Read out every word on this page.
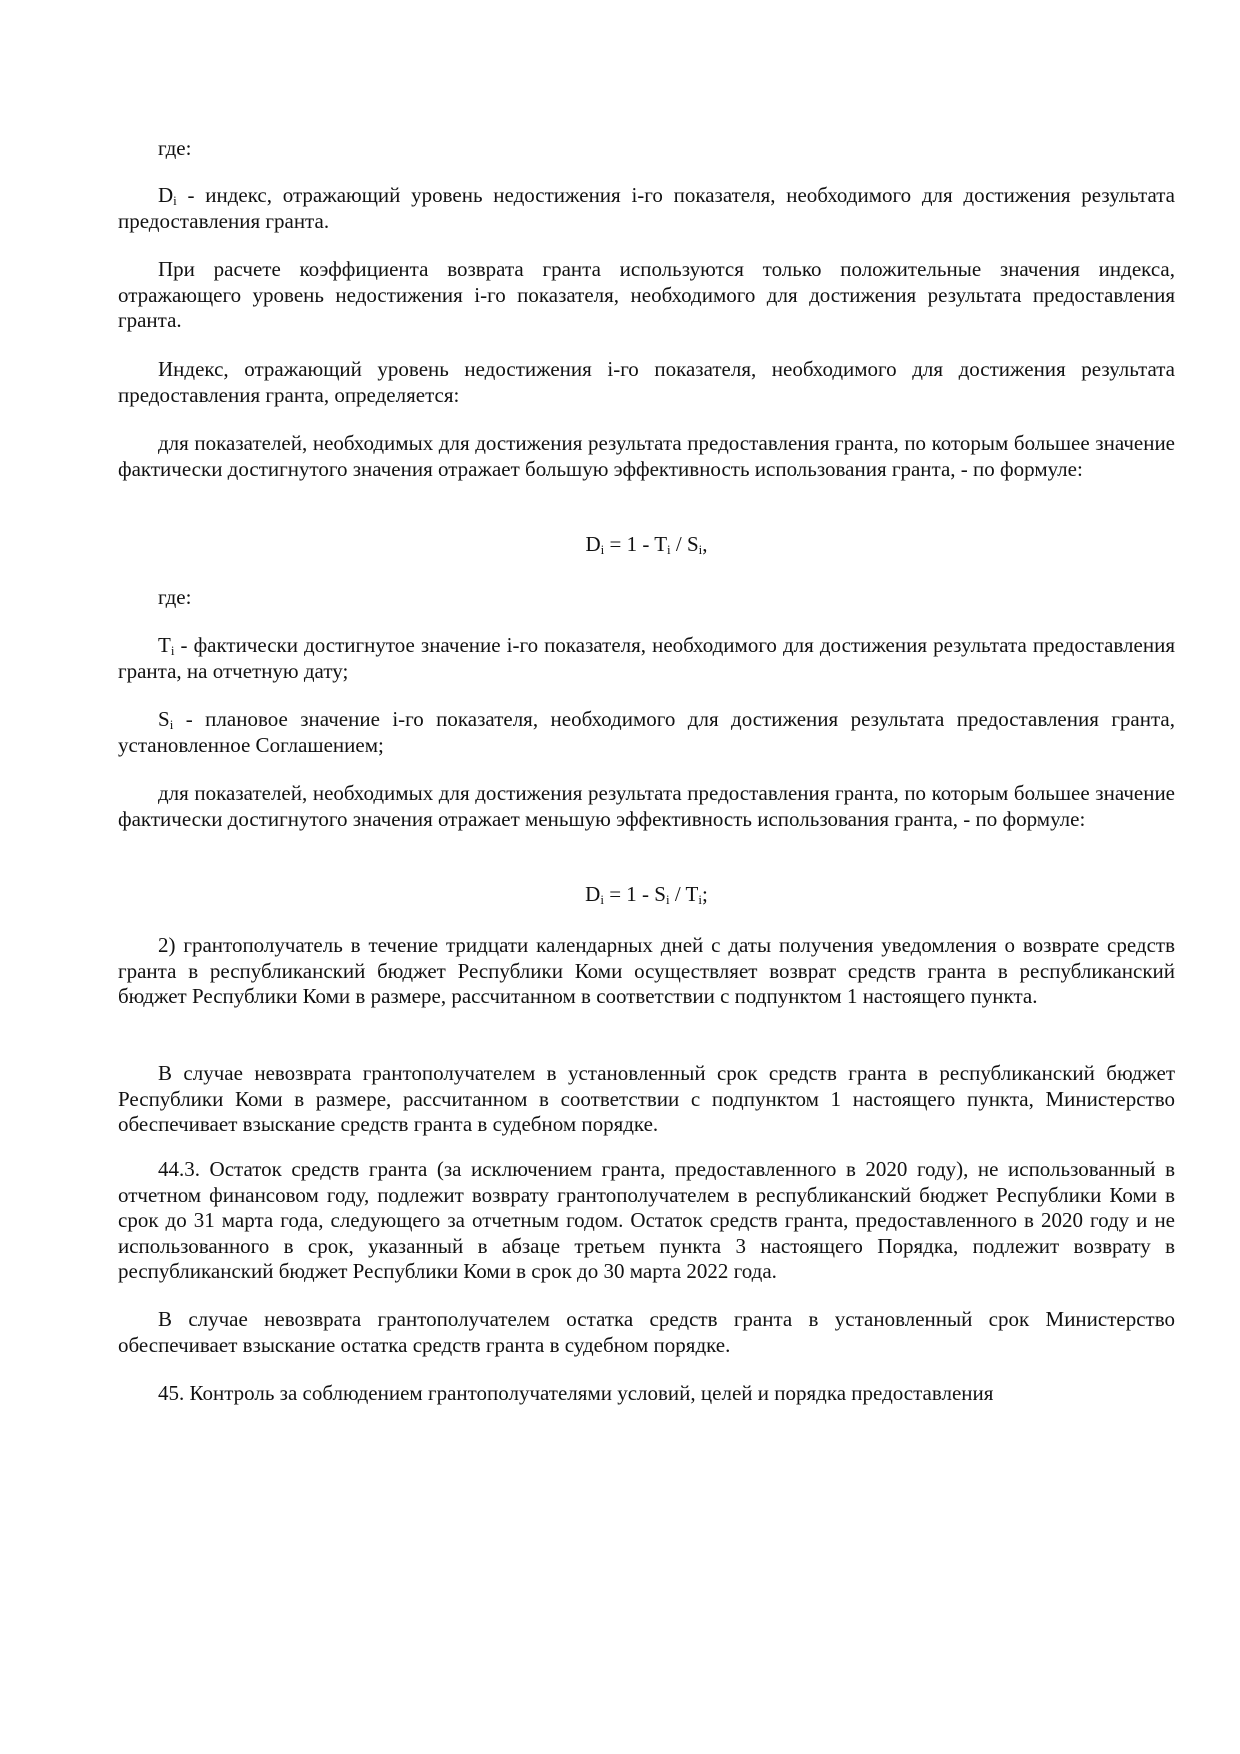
где:

$D_i$ - индекс, отражающий уровень недостижения i-го показателя, необходимого для достижения результата предоставления гранта.

При расчете коэффициента возврата гранта используются только положительные значения индекса, отражающего уровень недостижения i-го показателя, необходимого для достижения результата предоставления гранта.

Индекс, отражающий уровень недостижения i-го показателя, необходимого для достижения результата предоставления гранта, определяется:

для показателей, необходимых для достижения результата предоставления гранта, по которым большее значение фактически достигнутого значения отражает большую эффективность использования гранта, - по формуле:

$D_i = 1 - T_i / S_i$,

где:

$T_i$ - фактически достигнутое значение i-го показателя, необходимого для достижения результата предоставления гранта, на отчетную дату;

$S_i$ - плановое значение i-го показателя, необходимого для достижения результата предоставления гранта, установленное Соглашением;

для показателей, необходимых для достижения результата предоставления гранта, по которым большее значение фактически достигнутого значения отражает меньшую эффективность использования гранта, - по формуле:

$D_i = 1 - S_i / T_i$;

2) грантополучатель в течение тридцати календарных дней с даты получения уведомления о возврате средств гранта в республиканский бюджет Республики Коми осуществляет возврат средств гранта в республиканский бюджет Республики Коми в размере, рассчитанном в соответствии с подпунктом 1 настоящего пункта.

В случае невозврата грантополучателем в установленный срок средств гранта в республиканский бюджет Республики Коми в размере, рассчитанном в соответствии с подпунктом 1 настоящего пункта, Министерство обеспечивает взыскание средств гранта в судебном порядке.

44.3. Остаток средств гранта (за исключением гранта, предоставленного в 2020 году), не использованный в отчетном финансовом году, подлежит возврату грантополучателем в республиканский бюджет Республики Коми в срок до 31 марта года, следующего за отчетным годом. Остаток средств гранта, предоставленного в 2020 году и не использованного в срок, указанный в абзаце третьем пункта 3 настоящего Порядка, подлежит возврату в республиканский бюджет Республики Коми в срок до 30 марта 2022 года.

В случае невозврата грантополучателем остатка средств гранта в установленный срок Министерство обеспечивает взыскание остатка средств гранта в судебном порядке.

45. Контроль за соблюдением грантополучателями условий, целей и порядка предоставления
